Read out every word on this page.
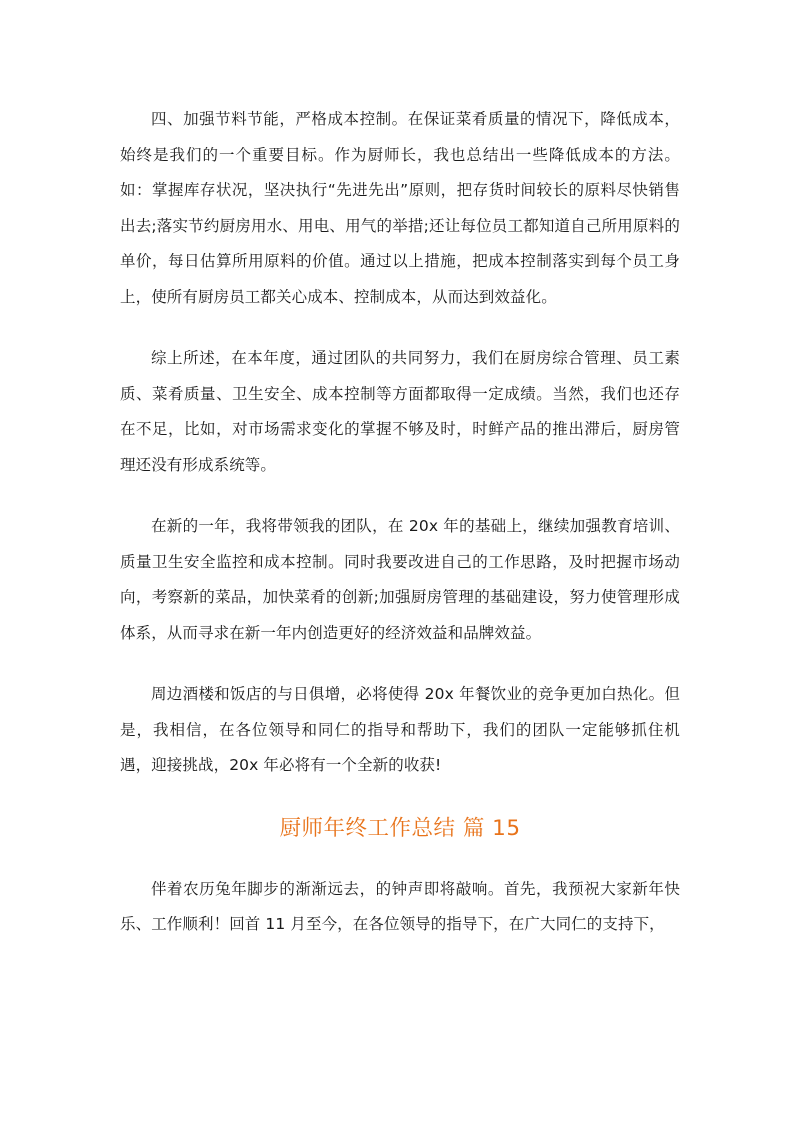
四、加强节料节能，严格成本控制。在保证菜肴质量的情况下，降低成本，始终是我们的一个重要目标。作为厨师长，我也总结出一些降低成本的方法。如：掌握库存状况，坚决执行“先进先出”原则，把存货时间较长的原料尽快销售出去;落实节约厨房用水、用电、用气的举措;还让每位员工都知道自己所用原料的单价，每日估算所用原料的价值。通过以上措施，把成本控制落实到每个员工身上，使所有厨房员工都关心成本、控制成本，从而达到效益化。

综上所述，在本年度，通过团队的共同努力，我们在厨房综合管理、员工素质、菜肴质量、卫生安全、成本控制等方面都取得一定成绩。当然，我们也还存在不足，比如，对市场需求变化的掌握不够及时，时鲜产品的推出滞后，厨房管理还没有形成系统等。

在新的一年，我将带领我的团队，在 20x 年的基础上，继续加强教育培训、质量卫生安全监控和成本控制。同时我要改进自己的工作思路，及时把握市场动向，考察新的菜品，加快菜肴的创新;加强厨房管理的基础建设，努力使管理形成体系，从而寻求在新一年内创造更好的经济效益和品牌效益。

周边酒楼和饭店的与日俱增，必将使得 20x 年餐饮业的竞争更加白热化。但是，我相信，在各位领导和同仁的指导和帮助下，我们的团队一定能够抓住机遇，迎接挑战，20x 年必将有一个全新的收获!

厨师年终工作总结 篇 15

伴着农历兔年脚步的渐渐远去，的钟声即将敲响。首先，我预祝大家新年快乐、工作顺利！回首 11 月至今，在各位领导的指导下，在广大同仁的支持下，
